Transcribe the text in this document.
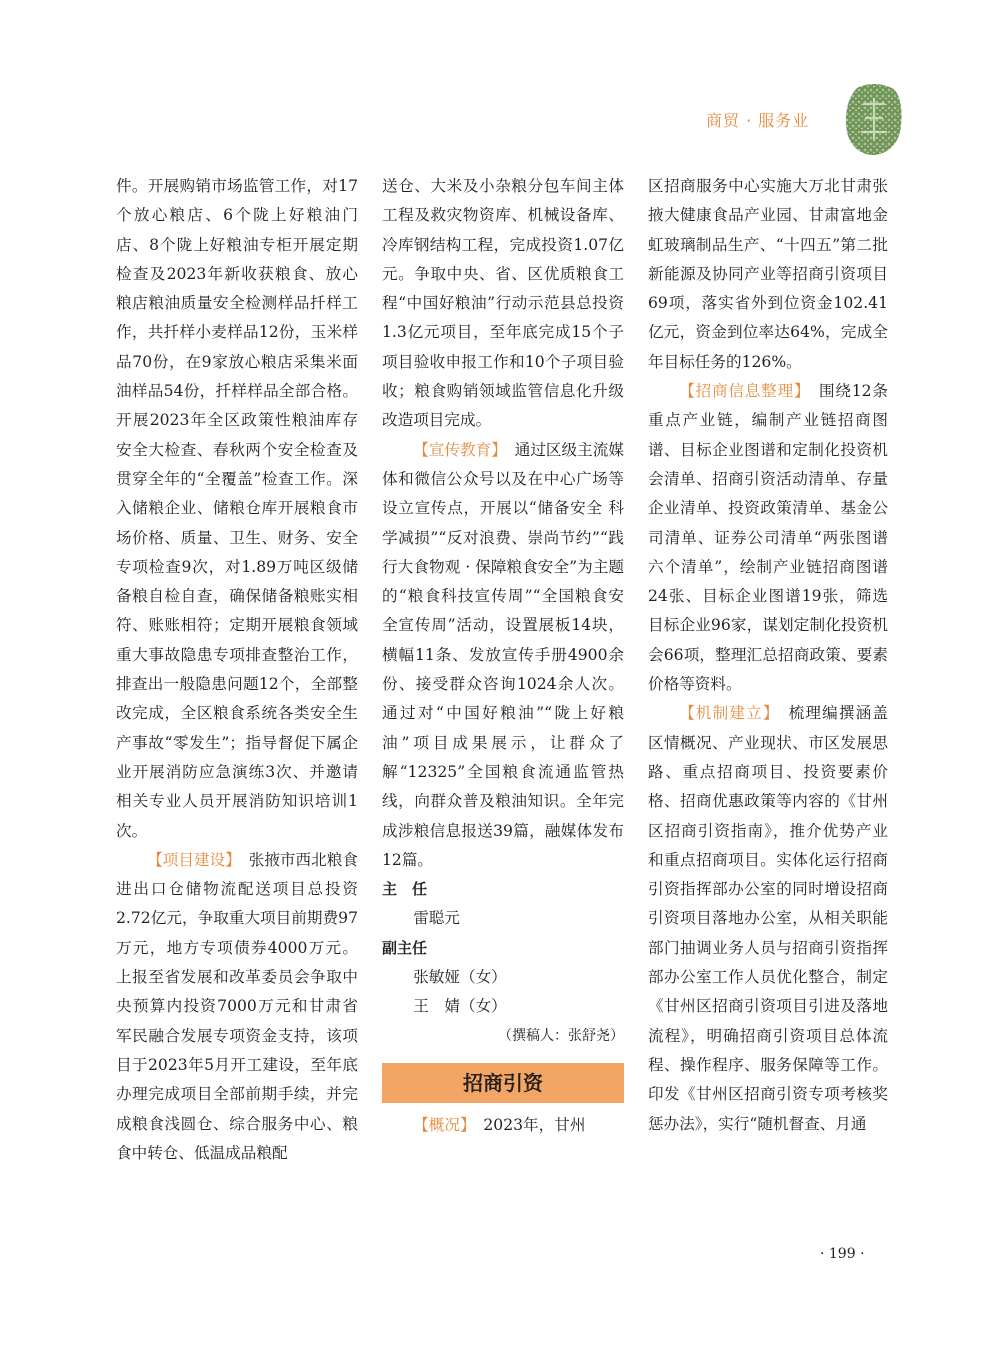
商贸 · 服务业

件。开展购销市场监管工作，对17个放心粮店、6个陇上好粮油门店、8个陇上好粮油专柜开展定期检查及2023年新收获粮食、放心粮店粮油质量安全检测样品扦样工作，共扦样小麦样品12份，玉米样品70份，在9家放心粮店采集米面油样品54份，扦样样品全部合格。开展2023年全区政策性粮油库存安全大检查、春秋两个安全检查及贯穿全年的“全覆盖”检查工作。深入储粮企业、储粮仓库开展粮食市场价格、质量、卫生、财务、安全专项检查9次，对1.89万吨区级储备粮自检自查，确保储备粮账实相符、账账相符；定期开展粮食领域重大事故隐患专项排查整治工作，排查出一般隐患问题12个，全部整改完成，全区粮食系统各类安全生产事故“零发生”；指导督促下属企业开展消防应急演练3次、并邀请相关专业人员开展消防知识培训1次。

【项目建设】　 张掖市西北粮食进出口仓储物流配送项目总投资2.72亿元，争取重大项目前期费97万元，地方专项债券4000万元。上报至省发展和改革委员会争取中央预算内投资7000万元和甘肃省军民融合发展专项资金支持，该项目于2023年5月开工建设，至年底办理完成项目全部前期手续，并完成粮食浅圆仓、综合服务中心、粮食中转仓、低温成品粮配

送仓、大米及小杂粮分包车间主体工程及救灾物资库、机械设备库、冷库钢结构工程，完成投资1.07亿元。争取中央、省、区优质粮食工程“中国好粮油”行动示范县总投资1.3亿元项目，至年底完成15个子项目验收申报工作和10个子项目验收；粮食购销领域监管信息化升级改造项目完成。

【宣传教育】　 通过区级主流媒体和微信公众号以及在中心广场等设立宣传点，开展以“储备安全 科学减损”“反对浪费、崇尚节约”“践行大食物观 · 保障粮食安全”为主题的“粮食科技宣传周”“全国粮食安全宣传周”活动，设置展板14块，横幅11条、发放宣传手册4900余份、接受群众咨询1024余人次。通过对“中国好粮油”“陇上好粮油”项目成果展示，让群众了解“12325”全国粮食流通监管热线，向群众普及粮油知识。全年完成涉粮信息报送39篇，融媒体发布12篇。

主　任

雷聪元

副主任

张敏娅（女）

王　婧（女）

（撰稿人：张舒尧）

招商引资

【概况】　 2023年，甘州

区招商服务中心实施大万北甘肃张掖大健康食品产业园、甘肃富地金虹玻璃制品生产、“十四五”第二批新能源及协同产业等招商引资项目69项，落实省外到位资金102.41亿元，资金到位率达64%，完成全年目标任务的126%。

【招商信息整理】　 围绕12条重点产业链，编制产业链招商图谱、目标企业图谱和定制化投资机会清单、招商引资活动清单、存量企业清单、投资政策清单、基金公司清单、证券公司清单“两张图谱六个清单”，绘制产业链招商图谱24张、目标企业图谱19张，筛选目标企业96家，谋划定制化投资机会66项，整理汇总招商政策、要素价格等资料。

【机制建立】　 梳理编撰涵盖区情概况、产业现状、市区发展思路、重点招商项目、投资要素价格、招商优惠政策等内容的《甘州区招商引资指南》，推介优势产业和重点招商项目。实体化运行招商引资指挥部办公室的同时增设招商引资项目落地办公室，从相关职能部门抽调业务人员与招商引资指挥部办公室工作人员优化整合，制定《甘州区招商引资项目引进及落地流程》，明确招商引资项目总体流程、操作程序、服务保障等工作。印发《甘州区招商引资专项考核奖惩办法》，实行“随机督查、月通

· 199 ·
